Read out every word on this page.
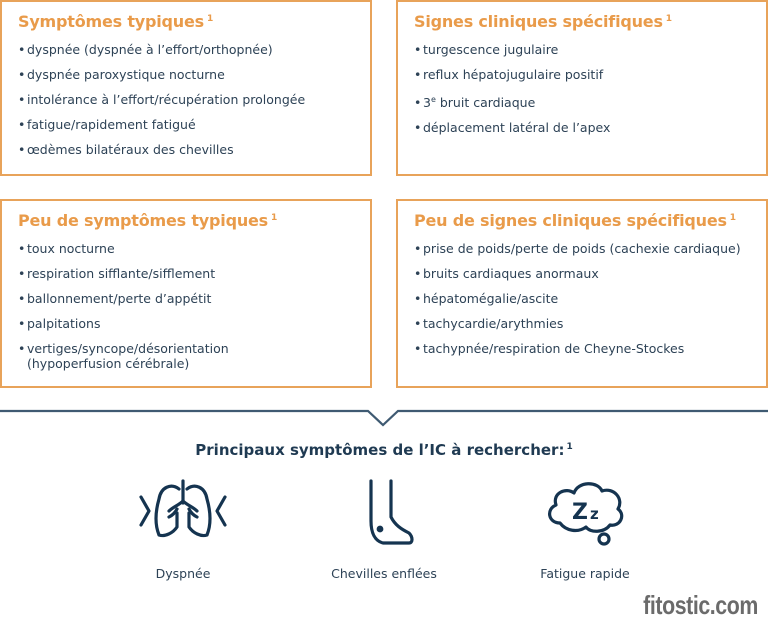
Symptômes typiques $^1$
• dyspnée (dyspnée à l’effort/orthopnée)
• dyspnée paroxystique nocturne
• intolérance à l’effort/récupération prolongée
• fatigue/rapidement fatigué
• œdèmes bilatéraux des chevilles
Signes cliniques spécifiques $^1$
• turgescence jugulaire
• reflux hépatojugulaire positif
• 3e bruit cardiaque
• déplacement latéral de l’apex
Peu de symptômes typiques $^1$
• toux nocturne
• respiration sifflante/sifflement
• ballonnement/perte d’appétit
• palpitations
• vertiges/syncope/désorientation
(hypoperfusion cérébrale)
Peu de signes cliniques spécifiques $^1$
• prise de poids/perte de poids (cachexie cardiaque)
• bruits cardiaques anormaux
• hépatomégalie/ascite
• tachycardie/arythmies
• tachypnée/respiration de Cheyne-Stockes
Principaux symptômes de l’IC à rechercher: $^1$
Dyspnée	Chevilles enflées
Z z
Fatigue rapide
fitostic.com
